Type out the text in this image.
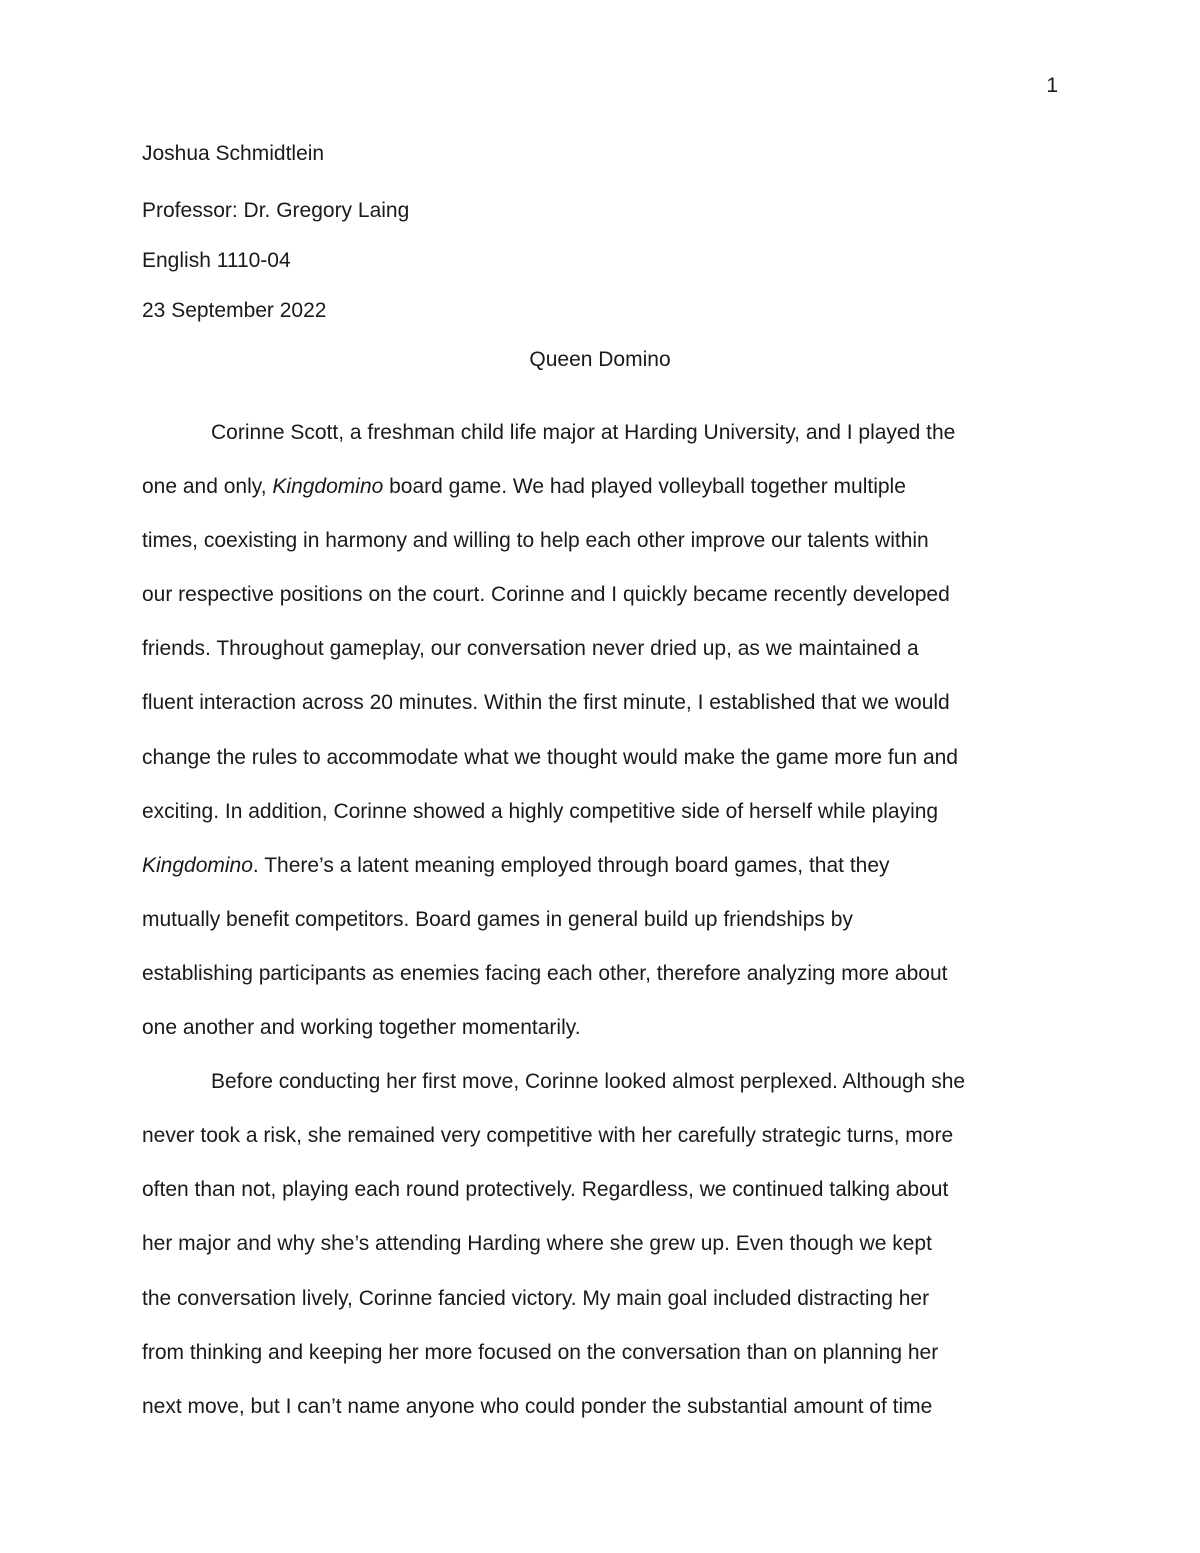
1
Joshua Schmidtlein
Professor: Dr. Gregory Laing
English 1110-04
23 September 2022
Queen Domino
Corinne Scott, a freshman child life major at Harding University, and I played the
one and only, Kingdomino board game. We had played volleyball together multiple
times, coexisting in harmony and willing to help each other improve our talents within
our respective positions on the court. Corinne and I quickly became recently developed
friends. Throughout gameplay, our conversation never dried up, as we maintained a
fluent interaction across 20 minutes. Within the first minute, I established that we would
change the rules to accommodate what we thought would make the game more fun and
exciting. In addition, Corinne showed a highly competitive side of herself while playing
Kingdomino. There’s a latent meaning employed through board games, that they
mutually benefit competitors. Board games in general build up friendships by
establishing participants as enemies facing each other, therefore analyzing more about
one another and working together momentarily.
Before conducting her first move, Corinne looked almost perplexed. Although she
never took a risk, she remained very competitive with her carefully strategic turns, more
often than not, playing each round protectively. Regardless, we continued talking about
her major and why she’s attending Harding where she grew up. Even though we kept
the conversation lively, Corinne fancied victory. My main goal included distracting her
from thinking and keeping her more focused on the conversation than on planning her
next move, but I can’t name anyone who could ponder the substantial amount of time
